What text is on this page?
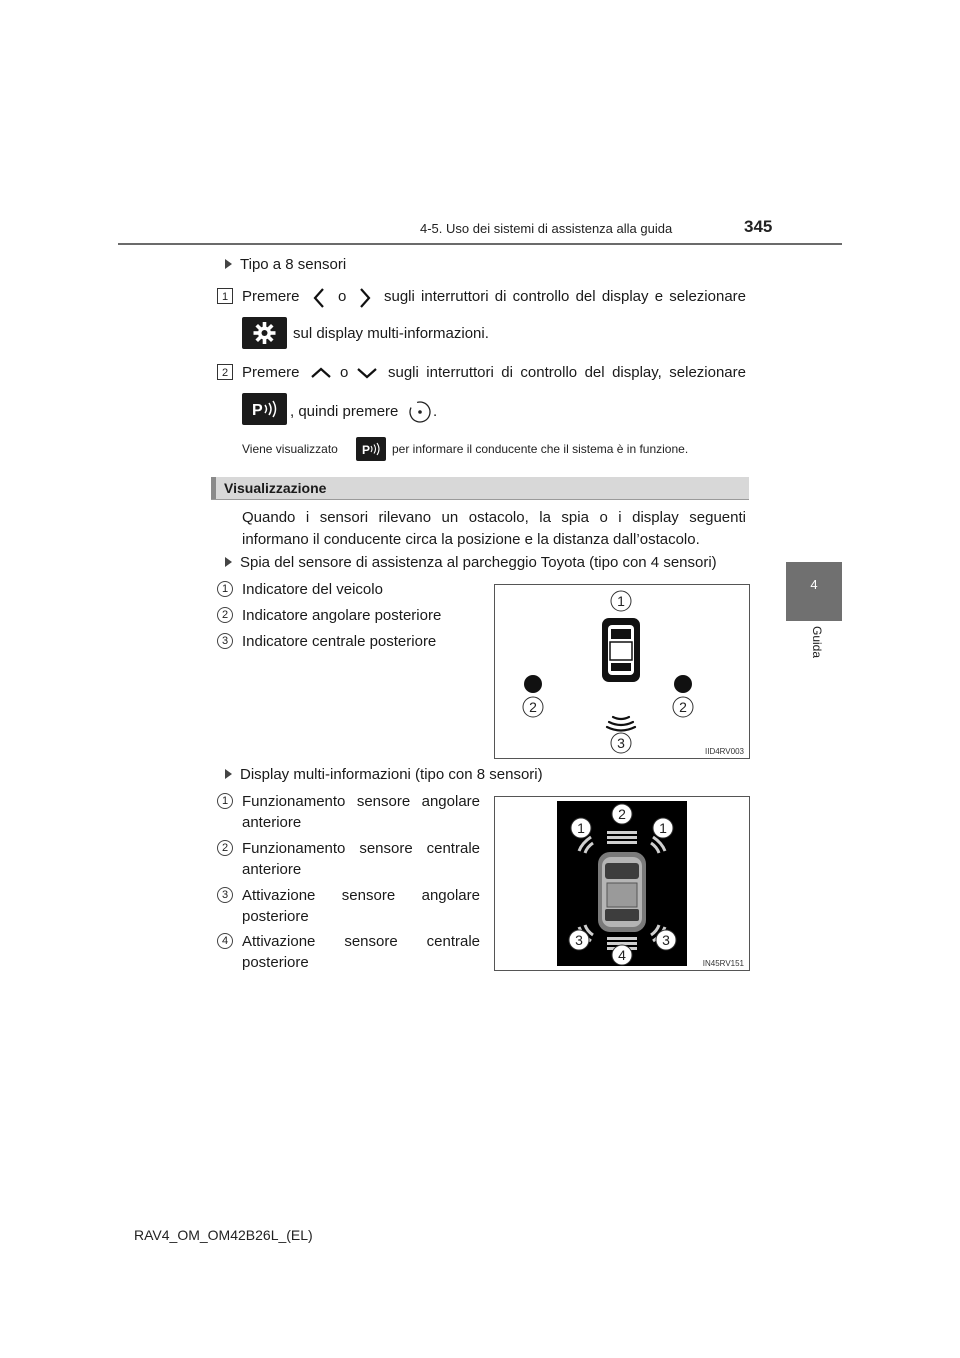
4-5. Uso dei sistemi di assistenza alla guida	345
4
Guida
Tipo a 8 sensori
1 Premere	o	sugli interruttori di controllo del display e selezionare
sul display multi-informazioni.
2 Premere	o	sugli interruttori di controllo del display, selezionare
P , quindi premere .
Viene visualizzato P per informare il conducente che il sistema è in funzione.
Visualizzazione
Quando i sensori rilevano un ostacolo, la spia o i display seguenti informano il conducente circa la posizione e la distanza dall’ostacolo.
Spia del sensore di assistenza al parcheggio Toyota (tipo con 4 sensori)
1 Indicatore del veicolo
2 Indicatore angolare posteriore
3 Indicatore centrale posteriore
1
2	2
3
IID4RV003
Display multi-informazioni (tipo con 8 sensori)
1 Funzionamento sensore angolare
anteriore
2 Funzionamento sensore centrale
anteriore
3 Attivazione sensore angolare
posteriore
4 Attivazione sensore centrale
posteriore
2
1	1
3	3
4
IN45RV151
RAV4_OM_OM42B26L_(EL)
